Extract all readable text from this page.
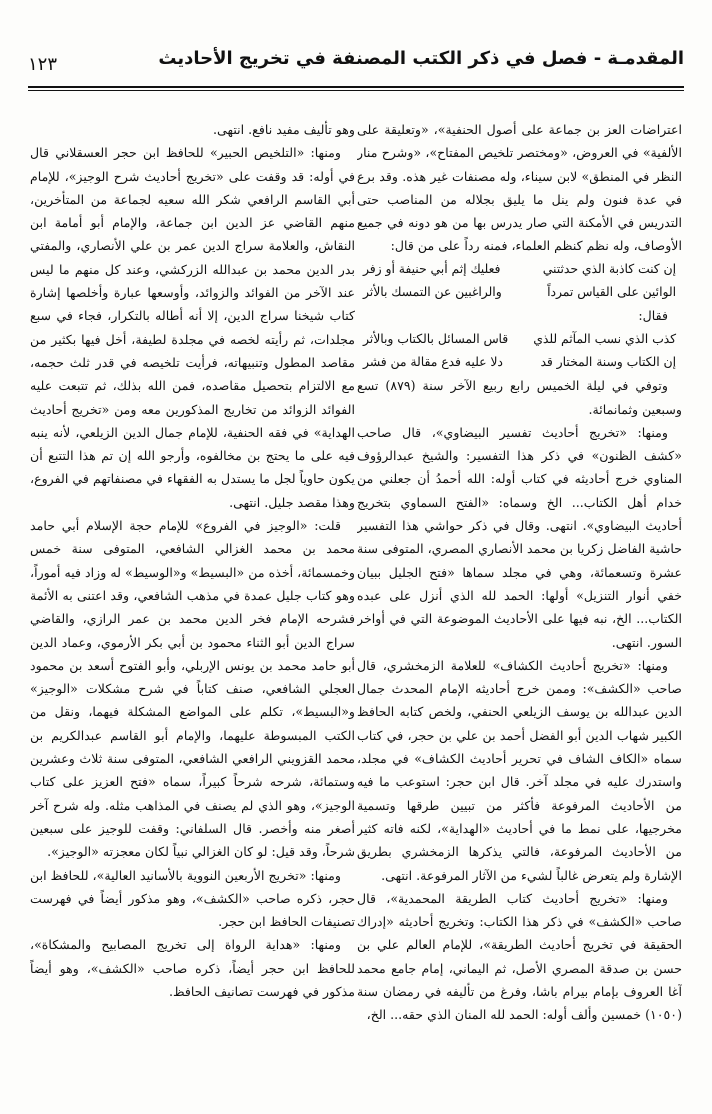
١٢٣	المقدمـة - فصل في ذكر الكتب المصنفة في تخريج الأحاديث

اعتراضات العز بن جماعة على أصول الحنفية»، «وتعليقة على الألفية» في العروض، «ومختصر تلخيص المفتاح»، «وشرح منار النظر في المنطق» لابن سيناء، وله مصنفات غير هذه. وقد برع في عدة فنون ولم ينل ما يليق بجلاله من المناصب حتى التدريس في الأمكنة التي صار يدرس بها من هو دونه في جميع الأوصاف، وله نظم كنظم العلماء، فمنه رداً على من قال:

إن كنت كاذبة الذي حدثتني
فعليك إثم أبي حنيفة أو زفر
الوائين على القياس تمرداً
والراغبين عن التمسك بالأثر

فقال:

كذب الذي نسب المآثم للذي
قاس المسائل بالكتاب وبالأثر
إن الكتاب وسنة المختار قد
دلا عليه فدع مقالة من فشر

وتوفي في ليلة الخميس رابع ربيع الآخر سنة (٨٧٩) تسع وسبعين وثمانمائة.

ومنها: «تخريج أحاديث تفسير البيضاوي»، قال صاحب «كشف الظنون» في ذكر هذا التفسير: والشيخ عبدالرؤوف المناوي خرج أحاديثه في كتاب أوله: الله أحمدُ أن جعلني من خدام أهل الكتاب... الخ وسماه: «الفتح السماوي بتخريج أحاديث البيضاوي». انتهى. وقال في ذكر حواشي هذا التفسير حاشية الفاضل زكريا بن محمد الأنصاري المصري، المتوفى سنة عشرة وتسعمائة، وهي في مجلد سماها «فتح الجليل ببيان خفي أنوار التنزيل» أولها: الحمد لله الذي أنزل على عبده الكتاب... الخ، نبه فيها على الأحاديث الموضوعة التي في أواخر السور. انتهى.

ومنها: «تخريج أحاديث الكشاف» للعلامة الزمخشري، قال صاحب «الكشف»: وممن خرج أحاديثه الإمام المحدث جمال الدين عبدالله بن يوسف الزيلعي الحنفي، ولخص كتابه الحافظ الكبير شهاب الدين أبو الفضل أحمد بن علي بن حجر، في كتاب سماه «الكاف الشاف في تحرير أحاديث الكشاف» في مجلد، واستدرك عليه في مجلد آخر. قال ابن حجر: استوعب ما فيه من الأحاديث المرفوعة فأكثر من تبيين طرقها وتسمية مخرجيها، على نمط ما في أحاديث «الهداية»، لكنه فاته كثير من الأحاديث المرفوعة، فالتي يذكرها الزمخشري بطريق الإشارة ولم يتعرض غالباً لشيء من الآثار المرفوعة. انتهى.

ومنها: «تخريج أحاديث كتاب الطريقة المحمدية»، قال صاحب «الكشف» في ذكر هذا الكتاب: وتخريج أحاديثه «إدراك الحقيقة في تخريج أحاديث الطريقة»، للإمام العالم علي بن حسن بن صدقة المصري الأصل، ثم اليماني، إمام جامع محمد آغا العروف بإمام بيرام باشا، وفرغ من تأليفه في رمضان سنة (١٠٥٠) خمسين وألف أوله: الحمد لله المنان الذي حقه... الخ،

وهو تأليف مفيد نافع. انتهى.

ومنها: «التلخيص الحبير» للحافظ ابن حجر العسقلاني قال في أوله: قد وقفت على «تخريج أحاديث شرح الوجيز»، للإمام أبي القاسم الرافعي شكر الله سعيه لجماعة من المتأخرين، منهم القاضي عز الدين ابن جماعة، والإمام أبو أمامة ابن النقاش، والعلامة سراج الدين عمر بن علي الأنصاري، والمفتي بدر الدين محمد بن عبدالله الزركشي، وعند كل منهم ما ليس عند الآخر من الفوائد والزوائد، وأوسعها عبارة وأخلصها إشارة كتاب شيخنا سراج الدين، إلا أنه أطاله بالتكرار، فجاء في سبع مجلدات، ثم رأيته لخصه في مجلدة لطيفة، أخل فيها بكثير من مقاصد المطول وتنبيهاته، فرأيت تلخيصه في قدر ثلث حجمه، مع الالتزام بتحصيل مقاصده، فمن الله بذلك، ثم تتبعت عليه الفوائد الزوائد من تخاريج المذكورين معه ومن «تخريج أحاديث الهداية» في فقه الحنفية، للإمام جمال الدين الزيلعي، لأنه ينبه فيه على ما يحتج بن مخالفوه، وأرجو الله إن تم هذا التتبع أن يكون حاوياً لجل ما يستدل به الفقهاء في مصنفاتهم في الفروع، وهذا مقصد جليل. انتهى.

قلت: «الوجيز في الفروع» للإمام حجة الإسلام أبي حامد محمد بن محمد الغزالي الشافعي، المتوفى سنة خمس وخمسمائة، أخذه من «البسيط» و«الوسيط» له وزاد فيه أموراً، وهو كتاب جليل عمدة في مذهب الشافعي، وقد اعتنى به الأئمة فشرحه الإمام فخر الدين محمد بن عمر الرازي، والقاضي سراج الدين أبو الثناء محمود بن أبي بكر الأرموي، وعماد الدين أبو حامد محمد بن يونس الإربلي، وأبو الفتوح أسعد بن محمود العجلي الشافعي، صنف كتاباً في شرح مشكلات «الوجيز» و«البسيط»، تكلم على المواضع المشكلة فيهما، ونقل من الكتب المبسوطة عليهما، والإمام أبو القاسم عبدالكريم بن محمد القزويني الرافعي الشافعي، المتوفى سنة ثلاث وعشرين وستمائة، شرحه شرحاً كبيراً، سماه «فتح العزيز على كتاب الوجيز»، وهو الذي لم يصنف في المذاهب مثله. وله شرح آخر أصغر منه وأخصر. قال السلفاني: وقفت للوجيز على سبعين شرحاً، وقد قيل: لو كان الغزالي نبياً لكان معجزته «الوجيز».

ومنها: «تخريج الأربعين النووية بالأسانيد العالية»، للحافظ ابن حجر، ذكره صاحب «الكشف»، وهو مذكور أيضاً في فهرست تصنيفات الحافظ ابن حجر.

ومنها: «هداية الرواة إلى تخريج المصابيح والمشكاة»، للحافظ ابن حجر أيضاً، ذكره صاحب «الكشف»، وهو أيضاً مذكور في فهرست تصانيف الحافظ.
